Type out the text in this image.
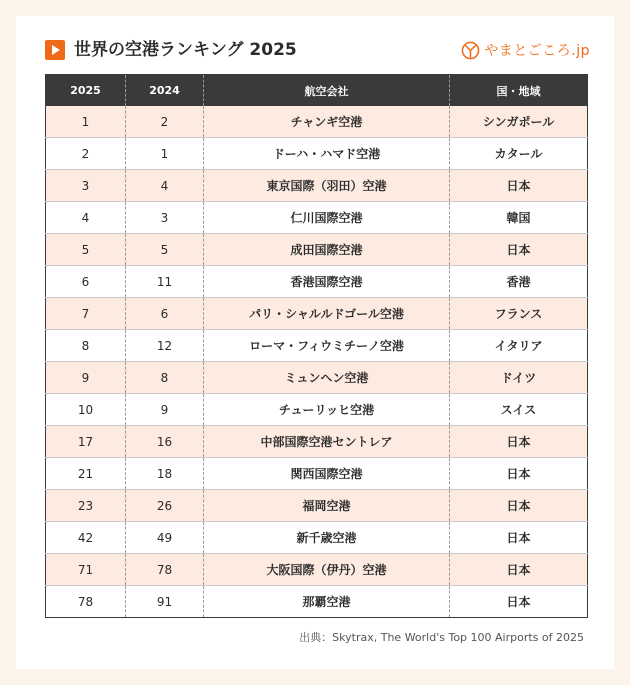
世界の空港ランキング 2025	やまとごころ.jp
2025	2024	航空会社	国・地域
1	2	チャンギ空港	シンガポール
2	1	ドーハ・ハマド空港	カタール
3	4	東京国際（羽田）空港	日本
4	3	仁川国際空港	韓国
5	5	成田国際空港	日本
6	11	香港国際空港	香港
7	6	パリ・シャルルドゴール空港	フランス
8	12	ローマ・フィウミチーノ空港	イタリア
9	8	ミュンヘン空港	ドイツ
10	9	チューリッヒ空港	スイス
17	16	中部国際空港セントレア	日本
21	18	関西国際空港	日本
23	26	福岡空港	日本
42	49	新千歳空港	日本
71	78	大阪国際（伊丹）空港	日本
78	91	那覇空港	日本
出典：Skytrax, The World's Top 100 Airports of 2025
